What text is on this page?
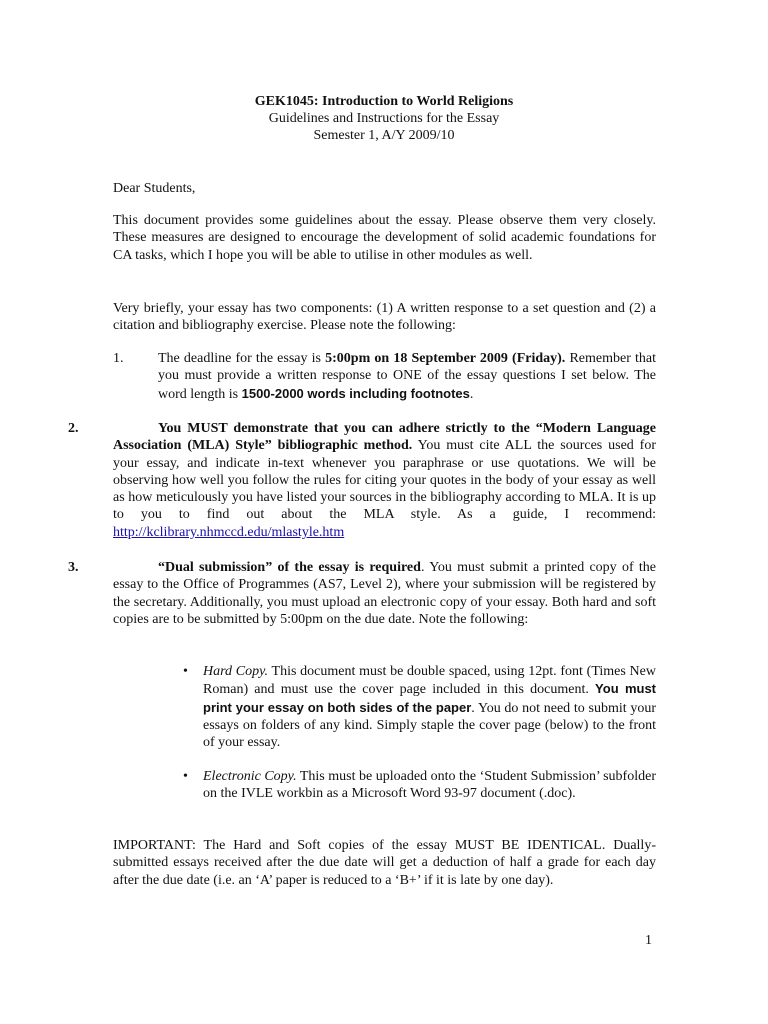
GEK1045: Introduction to World Religions
Guidelines and Instructions for the Essay
Semester 1, A/Y 2009/10

Dear Students,

This document provides some guidelines about the essay. Please observe them very closely. These measures are designed to encourage the development of solid academic foundations for CA tasks, which I hope you will be able to utilise in other modules as well.

Very briefly, your essay has two components: (1) A written response to a set question and (2) a citation and bibliography exercise. Please note the following:

1. The deadline for the essay is 5:00pm on 18 September 2009 (Friday). Remember that you must provide a written response to ONE of the essay questions I set below. The word length is 1500-2000 words including footnotes.

2.	You MUST demonstrate that you can adhere strictly to the “Modern Language Association (MLA) Style” bibliographic method. You must cite ALL the sources used for your essay, and indicate in-text whenever you paraphrase or use quotations. We will be observing how well you follow the rules for citing your quotes in the body of your essay as well as how meticulously you have listed your sources in the bibliography according to MLA. It is up to you to find out about the MLA style. As a guide, I recommend: http://kclibrary.nhmccd.edu/mlastyle.htm

3.	“Dual submission” of the essay is required. You must submit a printed copy of the essay to the Office of Programmes (AS7, Level 2), where your submission will be registered by the secretary. Additionally, you must upload an electronic copy of your essay. Both hard and soft copies are to be submitted by 5:00pm on the due date. Note the following:

• Hard Copy. This document must be double spaced, using 12pt. font (Times New Roman) and must use the cover page included in this document. You must print your essay on both sides of the paper. You do not need to submit your essays on folders of any kind. Simply staple the cover page (below) to the front of your essay.

• Electronic Copy. This must be uploaded onto the ‘Student Submission’ subfolder on the IVLE workbin as a Microsoft Word 93-97 document (.doc).

IMPORTANT: The Hard and Soft copies of the essay MUST BE IDENTICAL. Dually-submitted essays received after the due date will get a deduction of half a grade for each day after the due date (i.e. an ‘A’ paper is reduced to a ‘B+’ if it is late by one day).

1
